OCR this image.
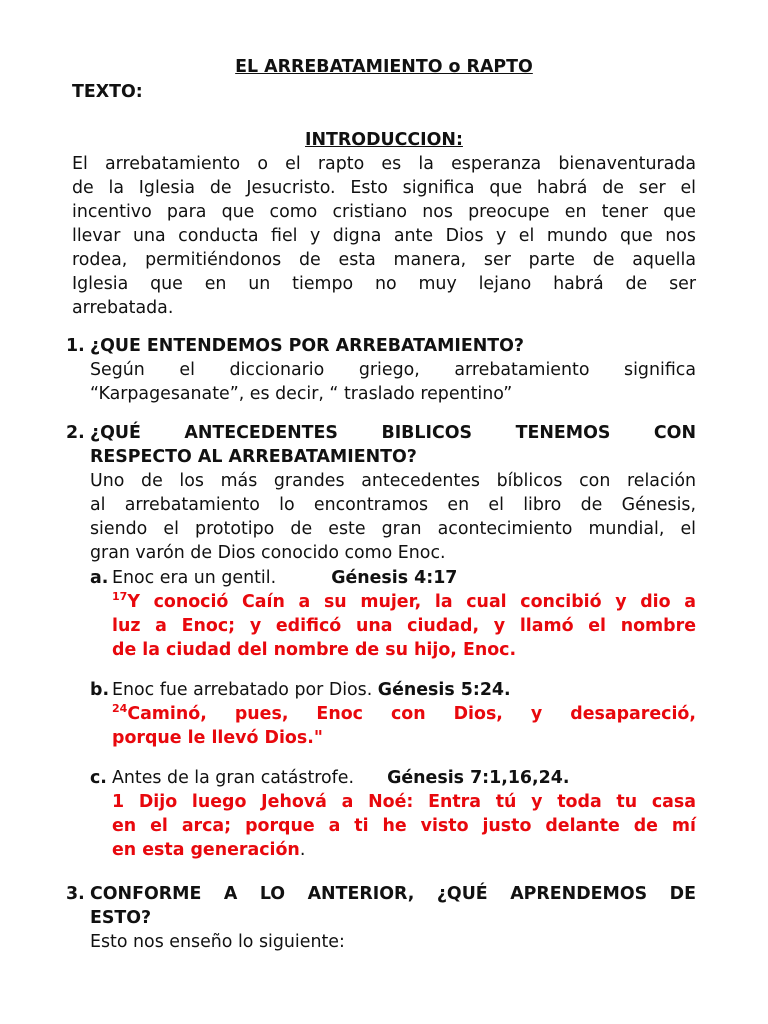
EL ARREBATAMIENTO o RAPTO
TEXTO:
INTRODUCCION:
El arrebatamiento o el rapto es la esperanza bienaventurada
de la Iglesia de Jesucristo. Esto significa que habrá de ser el
incentivo para que como cristiano nos preocupe en tener que
llevar una conducta fiel y digna ante Dios y el mundo que nos
rodea, permitiéndonos de esta manera, ser parte de aquella
Iglesia que en un tiempo no muy lejano habrá de ser
arrebatada.
1. ¿QUE ENTENDEMOS POR ARREBATAMIENTO?
Según el diccionario griego, arrebatamiento significa
“Karpagesanate”, es decir, “ traslado repentino”
2. ¿QUÉ ANTECEDENTES BIBLICOS TENEMOS CON
RESPECTO AL ARREBATAMIENTO?
Uno de los más grandes antecedentes bíblicos con relación
al arrebatamiento lo encontramos en el libro de Génesis,
siendo el prototipo de este gran acontecimiento mundial, el
gran varón de Dios conocido como Enoc.
a. Enoc era un gentil.	Génesis 4:17
$^{17}$Y conoció Caín a su mujer, la cual concibió y dio a
luz a Enoc; y edificó una ciudad, y llamó el nombre
de la ciudad del nombre de su hijo, Enoc.
b. Enoc fue arrebatado por Dios. Génesis 5:24.
$^{24}$Caminó, pues, Enoc con Dios, y desapareció,
porque le llevó Dios."
c. Antes de la gran catástrofe. Génesis 7:1,16,24.
1 Dijo luego Jehová a Noé: Entra tú y toda tu casa
en el arca; porque a ti he visto justo delante de mí
en esta generación.
3. CONFORME A LO ANTERIOR, ¿QUÉ APRENDEMOS DE
ESTO?
Esto nos enseño lo siguiente:
